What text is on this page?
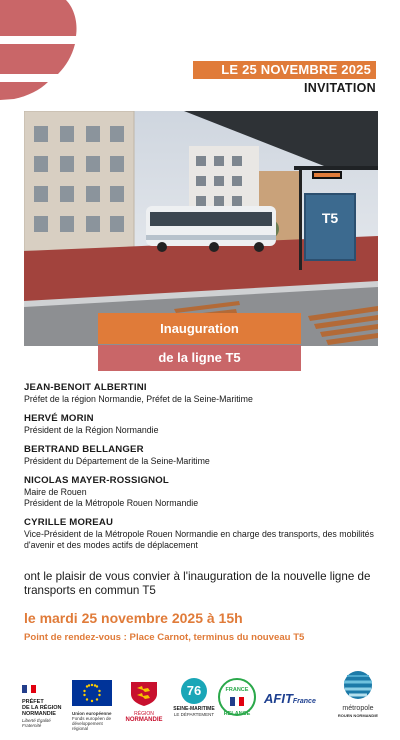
LE 25 NOVEMBRE 2025
INVITATION
T5
Inauguration
de la ligne T5
JEAN-BENOIT ALBERTINI
Préfet de la région Normandie, Préfet de la Seine-Maritime
HERVÉ MORIN
Président de la Région Normandie
BERTRAND BELLANGER
Président du Département de la Seine-Maritime
NICOLAS MAYER-ROSSIGNOL
Maire de Rouen
Président de la Métropole Rouen Normandie
CYRILLE MOREAU
Vice-Président de la Métropole Rouen Normandie en charge des transports, des mobilités d'avenir et des modes actifs de déplacement
ont le plaisir de vous convier à l'inauguration de la nouvelle ligne de transports en commun T5
le mardi 25 novembre 2025 à 15h
Point de rendez-vous : Place Carnot, terminus du nouveau T5
PRÉFET
DE LA RÉGION
NORMANDIE
Liberté Égalité Fraternité
Union européenne
Fonds européen de développement régional
RÉGION
NORMANDIE
76
SEINE-MARITIME
LE DÉPARTEMENT
FRANCE
RELANCE
AFITFrance
métropole
ROUEN NORMANDIE
